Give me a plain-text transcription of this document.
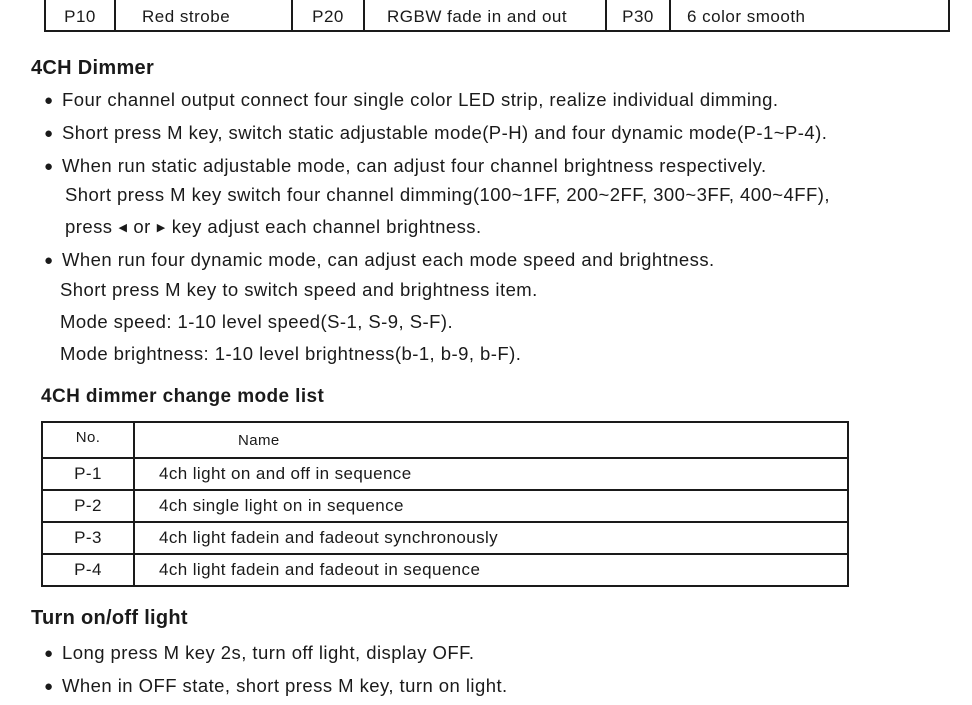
P10	Red strobe	P20	RGBW fade in and out	P30	6 color smooth
4CH Dimmer
● Four channel output connect four single color LED strip, realize individual dimming.
● Short press M key, switch static adjustable mode(P-H) and four dynamic mode(P-1~P-4).
● When run static adjustable mode, can adjust four channel brightness respectively.
Short press M key switch four channel dimming(100~1FF, 200~2FF, 300~3FF, 400~4FF),
press ◀ or ▶ key adjust each channel brightness.
● When run four dynamic mode, can adjust each mode speed and brightness.
Short press M key to switch speed and brightness item.
Mode speed: 1-10 level speed(S-1, S-9, S-F).
Mode brightness: 1-10 level brightness(b-1, b-9, b-F).
4CH dimmer change mode list
No.	Name
P-1	4ch light on and off in sequence
P-2	4ch single light on in sequence
P-3	4ch light fadein and fadeout synchronously
P-4	4ch light fadein and fadeout in sequence
Turn on/off light
● Long press M key 2s, turn off light, display OFF.
● When in OFF state, short press M key, turn on light.
